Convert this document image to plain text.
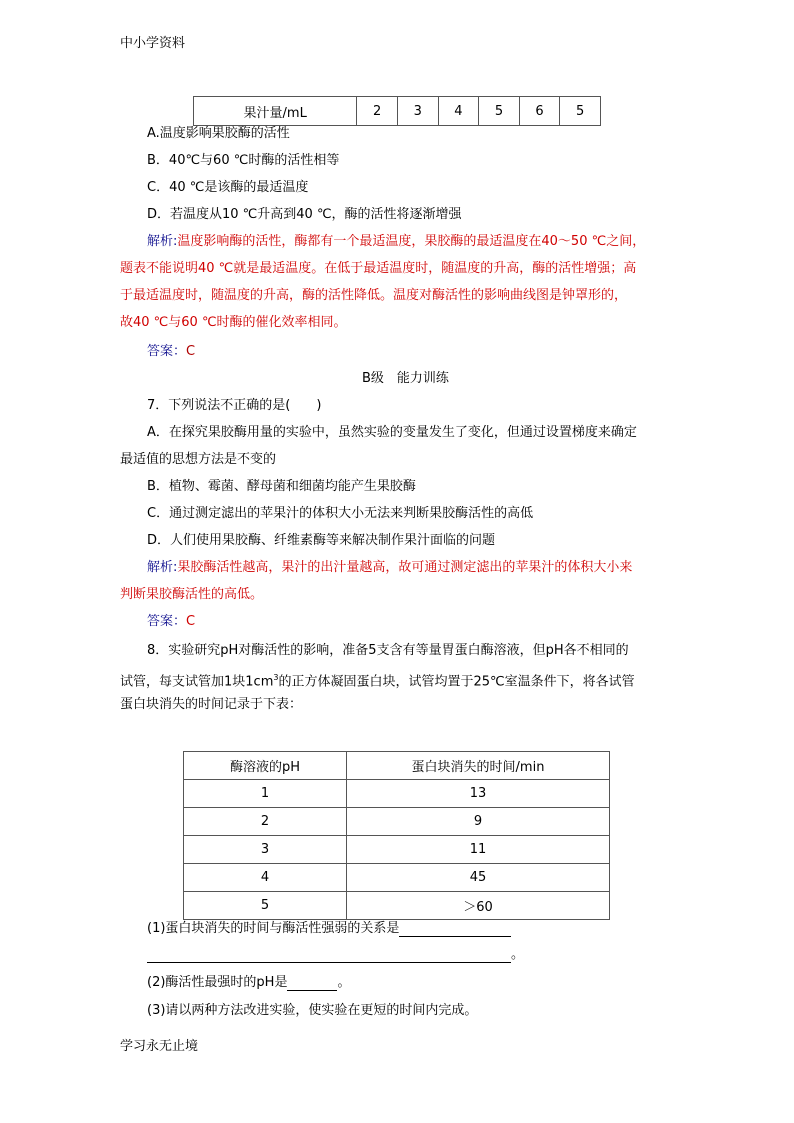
中小学资料
果汁量/mL	2	3	4	5	6	5
A.温度影响果胶酶的活性
B．40℃与60 ℃时酶的活性相等
C．40 ℃是该酶的最适温度
D．若温度从10 ℃升高到40 ℃，酶的活性将逐渐增强
解析:温度影响酶的活性，酶都有一个最适温度，果胶酶的最适温度在40～50 ℃之间，
题表不能说明40 ℃就是最适温度。在低于最适温度时，随温度的升高，酶的活性增强；高
于最适温度时，随温度的升高，酶的活性降低。温度对酶活性的影响曲线图是钟罩形的，
故40 ℃与60 ℃时酶的催化效率相同。
答案：C
B级　能力训练
7．下列说法不正确的是(　　)
A．在探究果胶酶用量的实验中，虽然实验的变量发生了变化，但通过设置梯度来确定
最适值的思想方法是不变的
B．植物、霉菌、酵母菌和细菌均能产生果胶酶
C．通过测定滤出的苹果汁的体积大小无法来判断果胶酶活性的高低
D．人们使用果胶酶、纤维素酶等来解决制作果汁面临的问题
解析:果胶酶活性越高，果汁的出汁量越高，故可通过测定滤出的苹果汁的体积大小来
判断果胶酶活性的高低。
答案：C
8．实验研究pH对酶活性的影响，准备5支含有等量胃蛋白酶溶液，但pH各不相同的
试管，每支试管加1块$1cm^3$的正方体凝固蛋白块，试管均置于25℃室温条件下，将各试管
蛋白块消失的时间记录于下表：
酶溶液的pH	蛋白块消失的时间/min
1	13
2	9
3	11
4	45
5	＞60
(1)蛋白块消失的时间与酶活性强弱的关系是
。
(2)酶活性最强时的pH是	。
(3)请以两种方法改进实验，使实验在更短的时间内完成。
学习永无止境
